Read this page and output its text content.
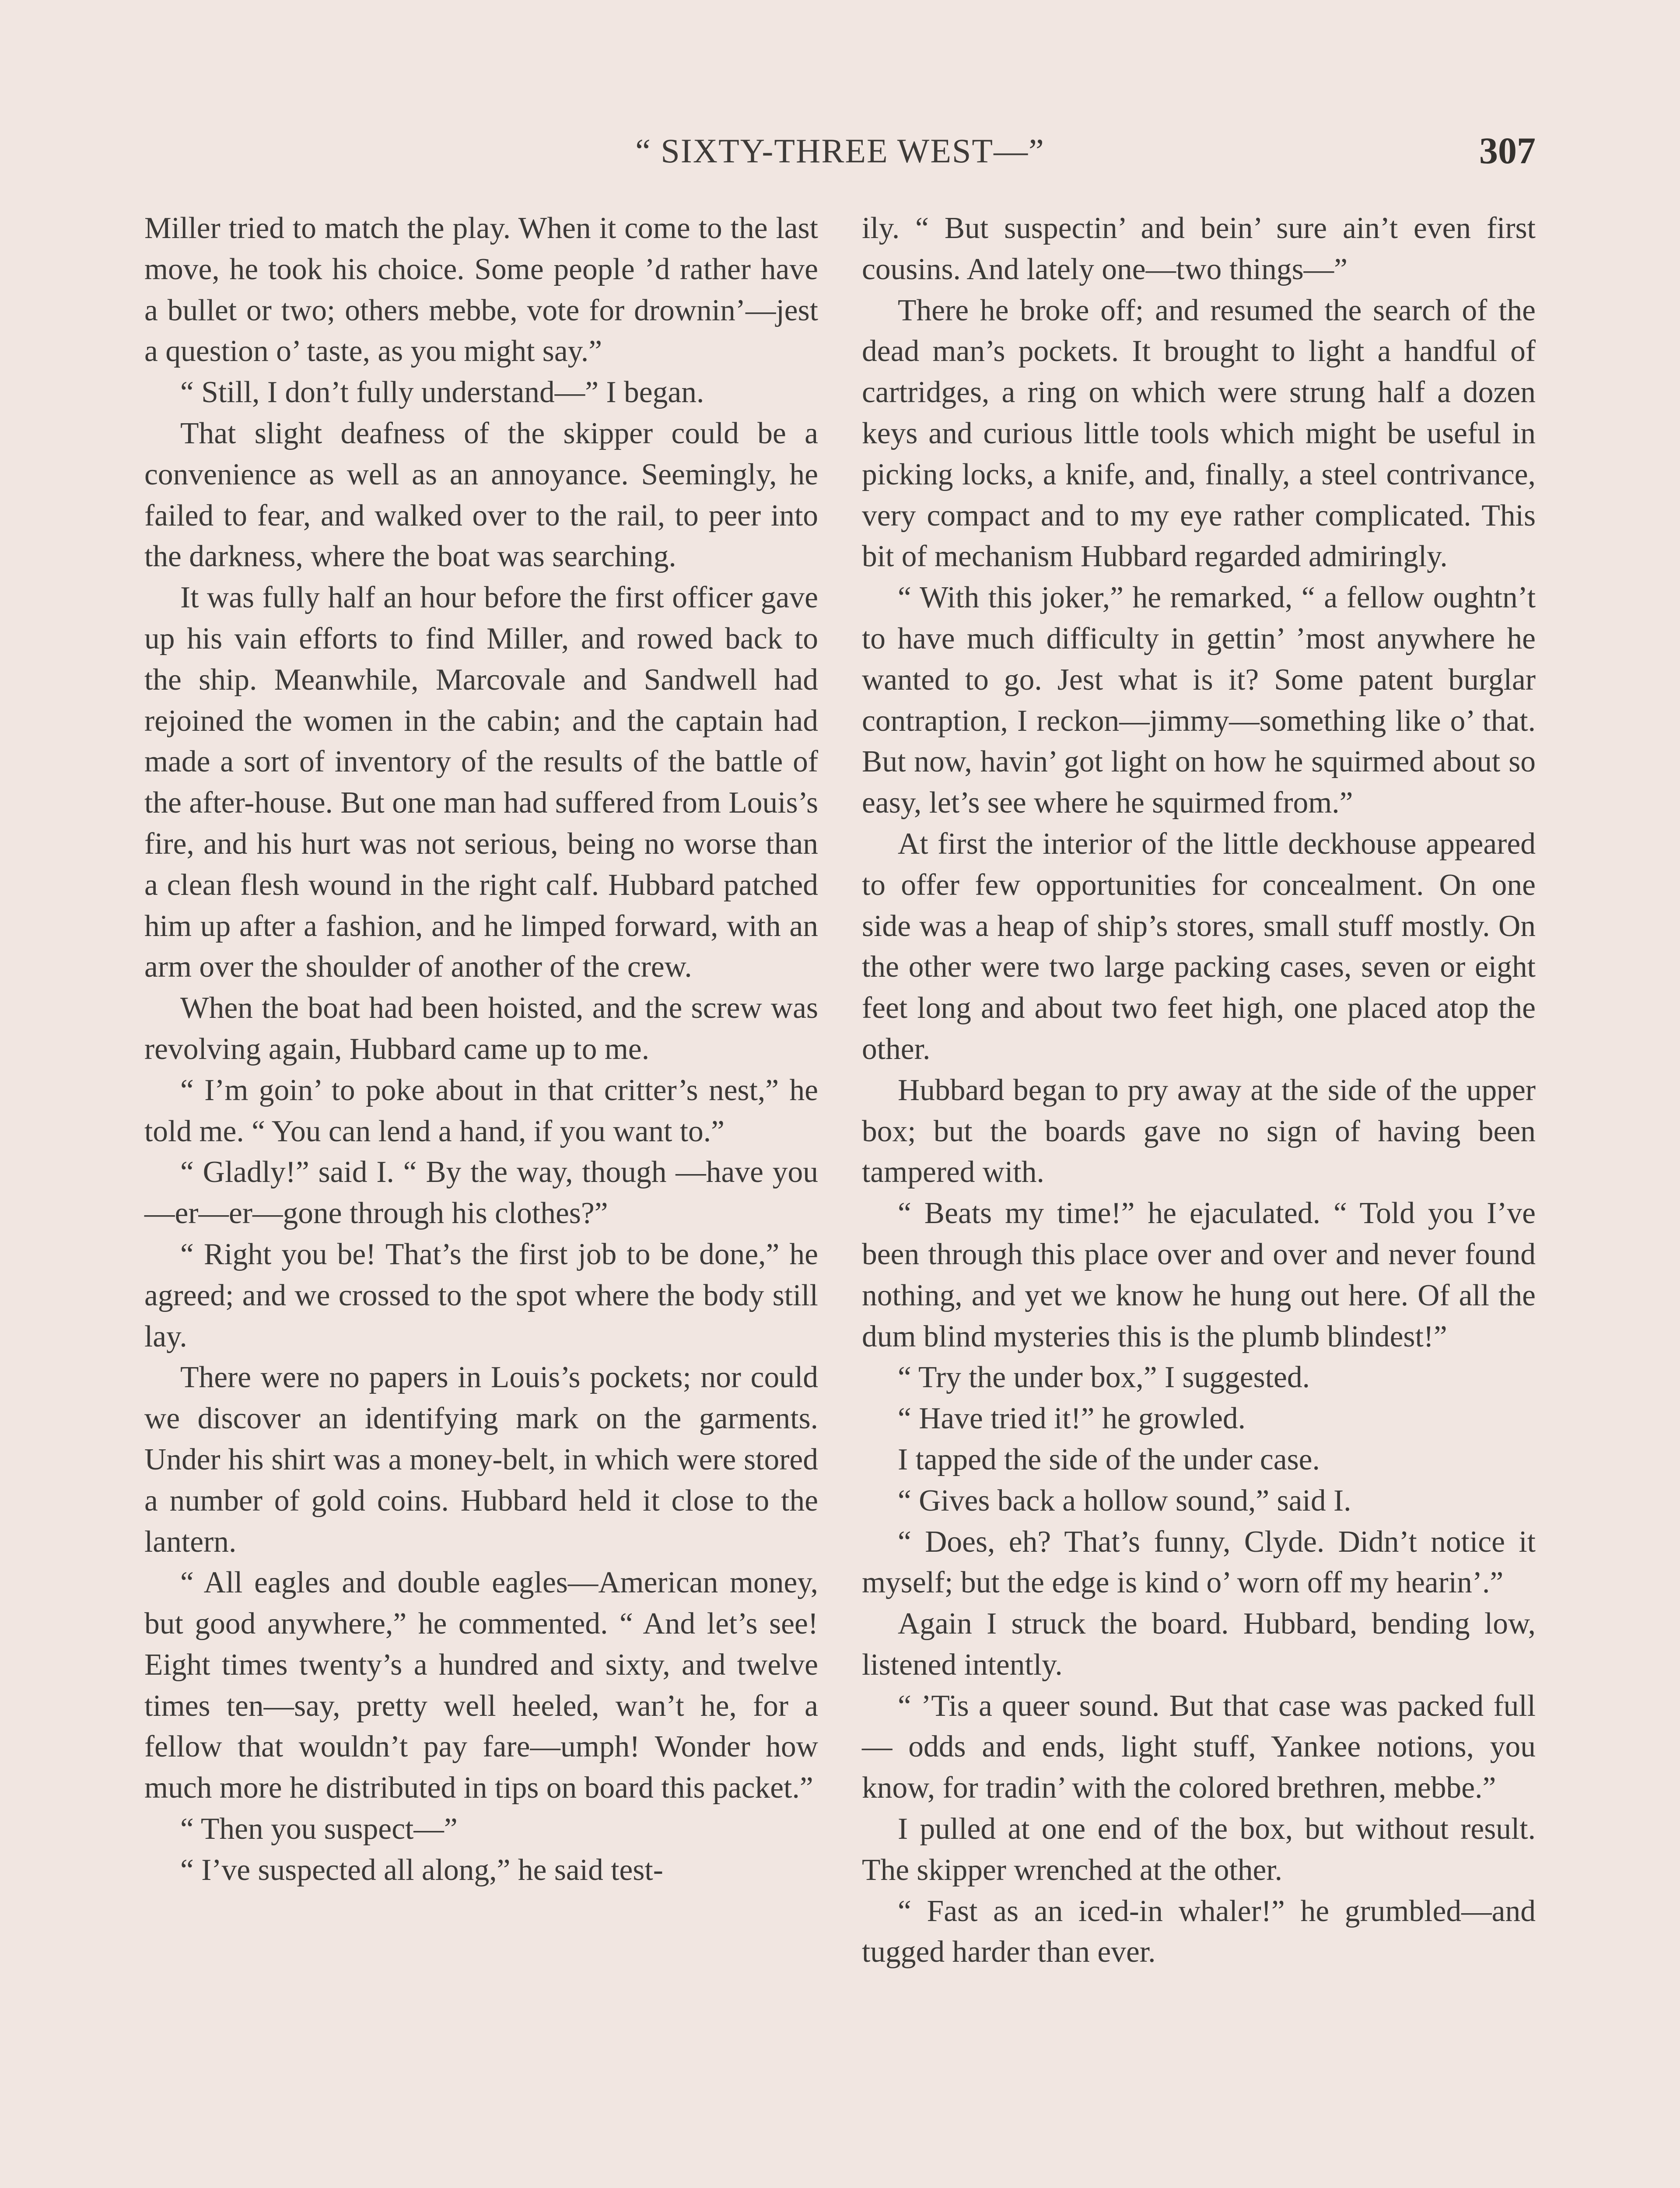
“ SIXTY-THREE WEST—”	307

Miller tried to match the play. When it come to the last move, he took his choice. Some people ’d rather have a bullet or two; others mebbe, vote for drownin’—jest a question o’ taste, as you might say.”

“ Still, I don’t fully understand—” I began.

That slight deafness of the skipper could be a convenience as well as an annoyance. Seemingly, he failed to fear, and walked over to the rail, to peer into the darkness, where the boat was searching.

It was fully half an hour before the first officer gave up his vain efforts to find Miller, and rowed back to the ship. Meanwhile, Marcovale and Sandwell had rejoined the women in the cabin; and the captain had made a sort of inventory of the results of the battle of the after-house. But one man had suffered from Louis’s fire, and his hurt was not serious, being no worse than a clean flesh wound in the right calf. Hubbard patched him up after a fashion, and he limped forward, with an arm over the shoulder of another of the crew.

When the boat had been hoisted, and the screw was revolving again, Hubbard came up to me.

“ I’m goin’ to poke about in that critter’s nest,” he told me. “ You can lend a hand, if you want to.”

“ Gladly!” said I. “ By the way, though —have you—er—er—gone through his clothes?”

“ Right you be! That’s the first job to be done,” he agreed; and we crossed to the spot where the body still lay.

There were no papers in Louis’s pockets; nor could we discover an identifying mark on the garments. Under his shirt was a money-belt, in which were stored a number of gold coins. Hubbard held it close to the lantern.

“ All eagles and double eagles—American money, but good anywhere,” he commented. “ And let’s see! Eight times twenty’s a hundred and sixty, and twelve times ten—say, pretty well heeled, wan’t he, for a fellow that wouldn’t pay fare—umph! Wonder how much more he distributed in tips on board this packet.”

“ Then you suspect—”

“ I’ve suspected all along,” he said test-

ily. “ But suspectin’ and bein’ sure ain’t even first cousins. And lately one—two things—”

There he broke off; and resumed the search of the dead man’s pockets. It brought to light a handful of cartridges, a ring on which were strung half a dozen keys and curious little tools which might be useful in picking locks, a knife, and, finally, a steel contrivance, very compact and to my eye rather complicated. This bit of mechanism Hubbard regarded admiringly.

“ With this joker,” he remarked, “ a fellow oughtn’t to have much difficulty in gettin’ ’most anywhere he wanted to go. Jest what is it? Some patent burglar contraption, I reckon—jimmy—something like o’ that. But now, havin’ got light on how he squirmed about so easy, let’s see where he squirmed from.”

At first the interior of the little deckhouse appeared to offer few opportunities for concealment. On one side was a heap of ship’s stores, small stuff mostly. On the other were two large packing cases, seven or eight feet long and about two feet high, one placed atop the other.

Hubbard began to pry away at the side of the upper box; but the boards gave no sign of having been tampered with.

“ Beats my time!” he ejaculated. “ Told you I’ve been through this place over and over and never found nothing, and yet we know he hung out here. Of all the dum blind mysteries this is the plumb blindest!”

“ Try the under box,” I suggested.

“ Have tried it!” he growled.

I tapped the side of the under case.

“ Gives back a hollow sound,” said I.

“ Does, eh? That’s funny, Clyde. Didn’t notice it myself; but the edge is kind o’ worn off my hearin’.”

Again I struck the board. Hubbard, bending low, listened intently.

“ ’Tis a queer sound. But that case was packed full — odds and ends, light stuff, Yankee notions, you know, for tradin’ with the colored brethren, mebbe.”

I pulled at one end of the box, but without result. The skipper wrenched at the other.

“ Fast as an iced-in whaler!” he grumbled—and tugged harder than ever.
